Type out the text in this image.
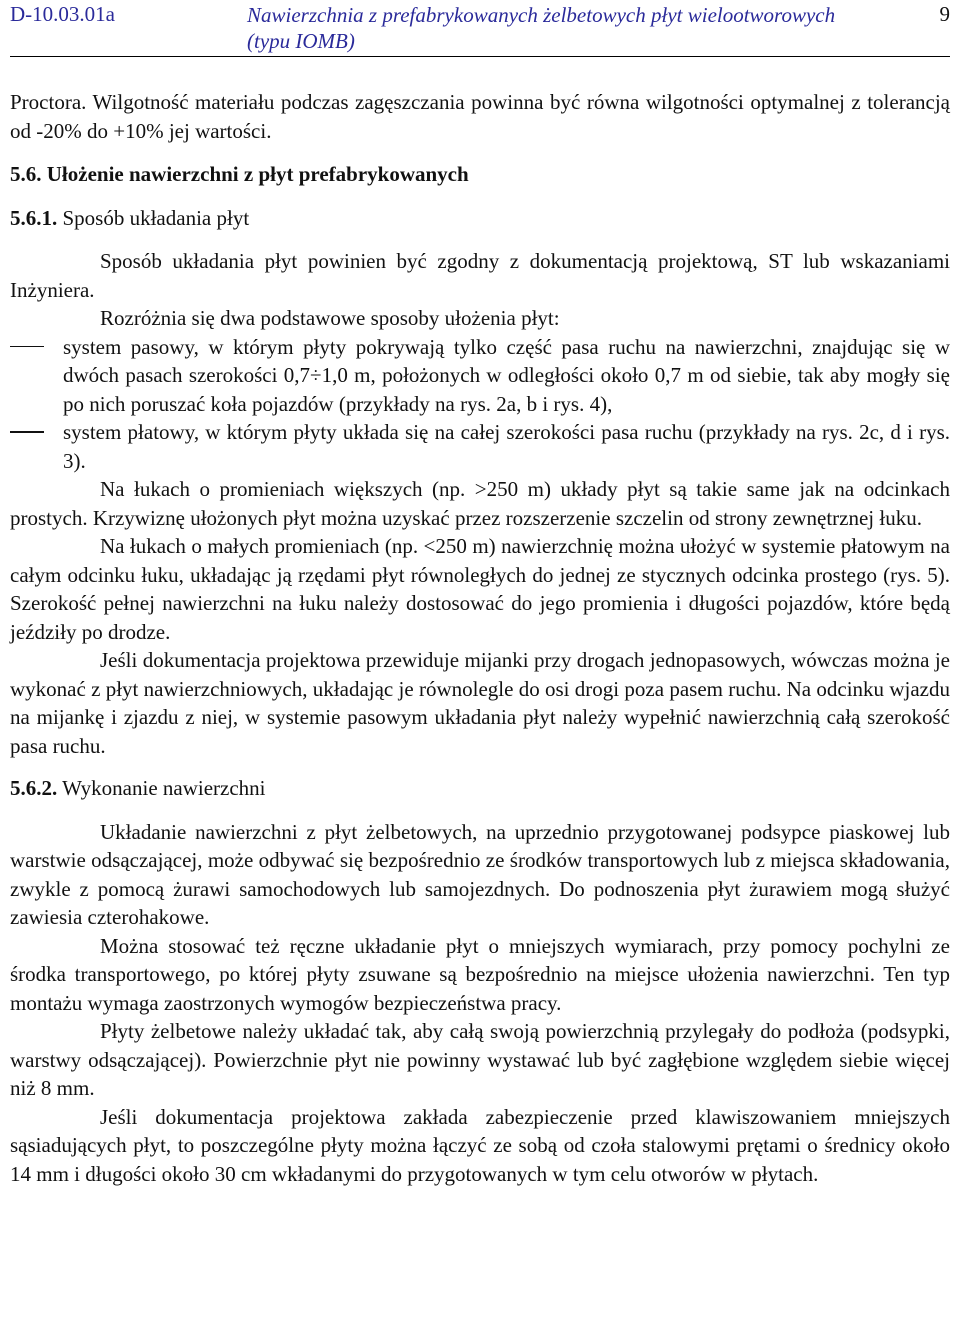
D-10.03.01a	Nawierzchnia z prefabrykowanych żelbetowych płyt wielootworowych (typu IOMB)
9

Proctora. Wilgotność materiału podczas zagęszczania powinna być równa wilgotności optymalnej z tolerancją od -20% do +10% jej wartości.

5.6. Ułożenie nawierzchni z płyt prefabrykowanych

5.6.1. Sposób układania płyt

Sposób układania płyt powinien być zgodny z dokumentacją projektową, ST lub wskazaniami Inżyniera.

Rozróżnia się dwa podstawowe sposoby ułożenia płyt:

system pasowy, w którym płyty pokrywają tylko część pasa ruchu na nawierzchni, znajdując się w dwóch pasach szerokości 0,7÷1,0 m, położonych w odległości około 0,7 m od siebie, tak aby mogły się po nich poruszać koła pojazdów (przykłady na rys. 2a, b i rys. 4),
system płatowy, w którym płyty układa się na całej szerokości pasa ruchu (przykłady na rys. 2c, d i rys. 3).

Na łukach o promieniach większych (np. >250 m) układy płyt są takie same jak na odcinkach prostych. Krzywiznę ułożonych płyt można uzyskać przez rozszerzenie szczelin od strony zewnętrznej łuku.

Na łukach o małych promieniach (np. <250 m) nawierzchnię można ułożyć w systemie płatowym na całym odcinku łuku, układając ją rzędami płyt równoległych do jednej ze stycznych odcinka prostego (rys. 5). Szerokość pełnej nawierzchni na łuku należy dostosować do jego promienia i długości pojazdów, które będą jeździły po drodze.

Jeśli dokumentacja projektowa przewiduje mijanki przy drogach jednopasowych, wówczas można je wykonać z płyt nawierzchniowych, układając je równolegle do osi drogi poza pasem ruchu. Na odcinku wjazdu na mijankę i zjazdu z niej, w systemie pasowym układania płyt należy wypełnić nawierzchnią całą szerokość pasa ruchu.

5.6.2. Wykonanie nawierzchni

Układanie nawierzchni z płyt żelbetowych, na uprzednio przygotowanej podsypce piaskowej lub warstwie odsączającej, może odbywać się bezpośrednio ze środków transportowych lub z miejsca składowania, zwykle z pomocą żurawi samochodowych lub samojezdnych. Do podnoszenia płyt żurawiem mogą służyć zawiesia czterohakowe.

Można stosować też ręczne układanie płyt o mniejszych wymiarach, przy pomocy pochylni ze środka transportowego, po której płyty zsuwane są bezpośrednio na miejsce ułożenia nawierzchni. Ten typ montażu wymaga zaostrzonych wymogów bezpieczeństwa pracy.

Płyty żelbetowe należy układać tak, aby całą swoją powierzchnią przylegały do podłoża (podsypki, warstwy odsączającej). Powierzchnie płyt nie powinny wystawać lub być zagłębione względem siebie więcej niż 8 mm.

Jeśli dokumentacja projektowa zakłada zabezpieczenie przed klawiszowaniem mniejszych sąsiadujących płyt, to poszczególne płyty można łączyć ze sobą od czoła stalowymi prętami o średnicy około 14 mm i długości około 30 cm wkładanymi do przygotowanych w tym celu otworów w płytach.
